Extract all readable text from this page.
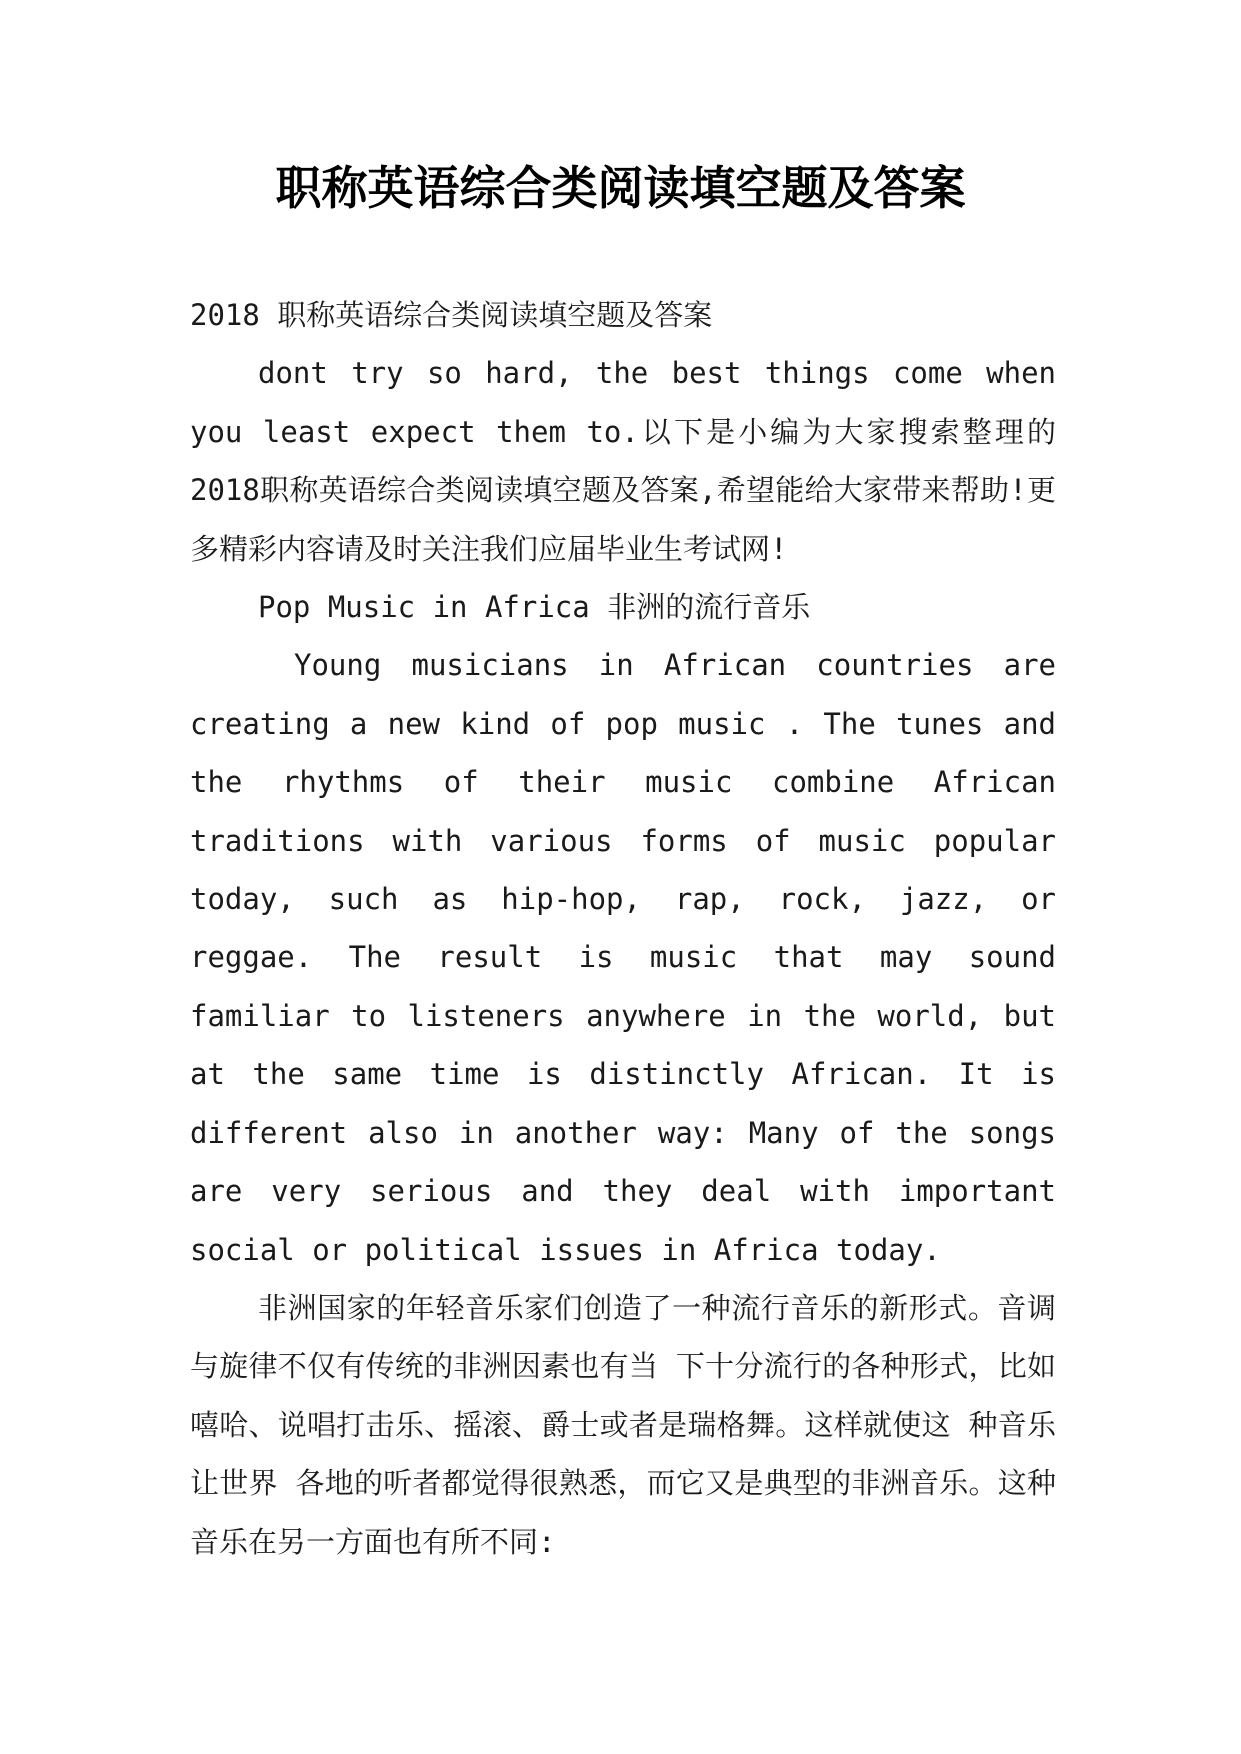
职称英语综合类阅读填空题及答案

2018 职称英语综合类阅读填空题及答案

dont try so hard, the best things come when you least expect them to.以下是小编为大家搜索整理的2018职称英语综合类阅读填空题及答案,希望能给大家带来帮助!更多精彩内容请及时关注我们应届毕业生考试网!

Pop Music in Africa 非洲的流行音乐

Young musicians in African countries are creating a new kind of pop music . The tunes and the rhythms of their music combine African traditions with various forms of music popular today, such as hip-hop, rap, rock, jazz, or reggae. The result is music that may sound familiar to listeners anywhere in the world, but at the same time is distinctly African. It is different also in another way: Many of the songs are very serious and they deal with important social or political issues in Africa today.

非洲国家的年轻音乐家们创造了一种流行音乐的新形式。音调与旋律不仅有传统的非洲因素也有当 下十分流行的各种形式，比如嘻哈、说唱打击乐、摇滚、爵士或者是瑞格舞。这样就使这 种音乐让世界 各地的听者都觉得很熟悉，而它又是典型的非洲音乐。这种音乐在另一方面也有所不同:
